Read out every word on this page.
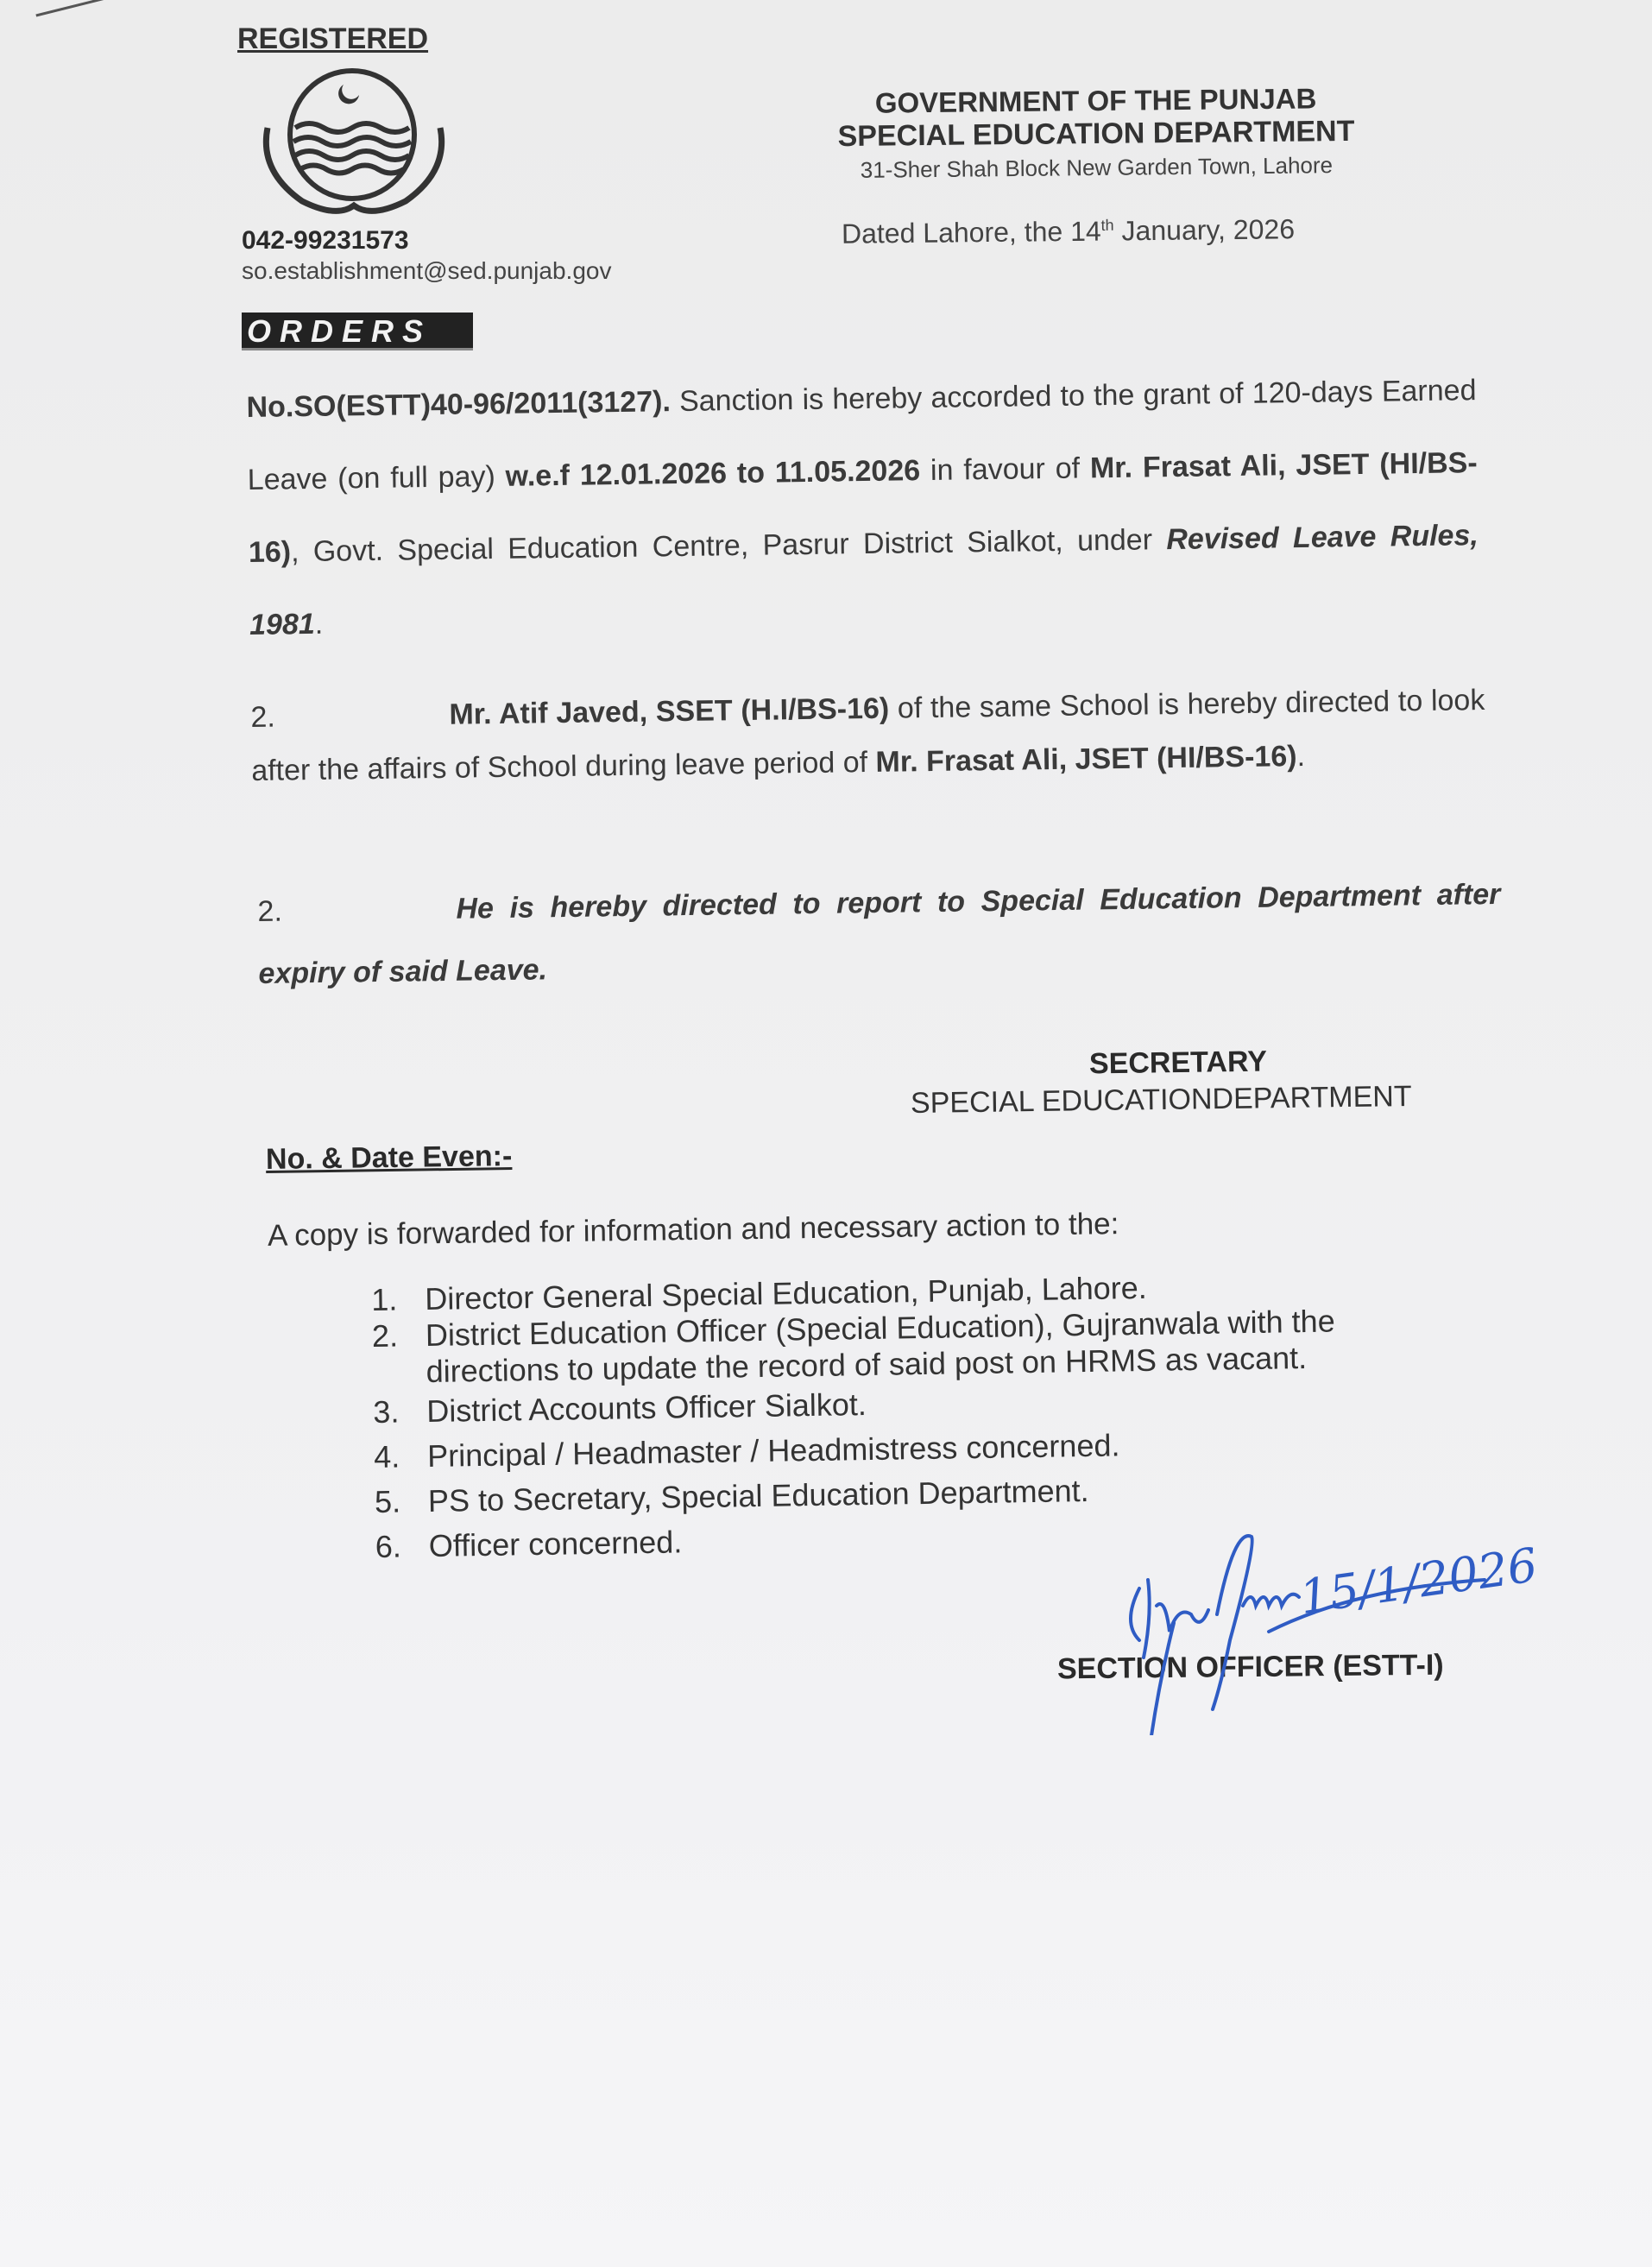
REGISTERED
042-99231573
so.establishment@sed.punjab.gov
ORDERS
GOVERNMENT OF THE PUNJAB
SPECIAL EDUCATION DEPARTMENT
31-Sher Shah Block New Garden Town, Lahore
Dated Lahore, the 14th January, 2026

No.SO(ESTT)40-96/2011(3127). Sanction is hereby accorded to the grant of 120-days Earned Leave (on full pay) w.e.f 12.01.2026 to 11.05.2026 in favour of Mr. Frasat Ali, JSET (HI/BS-16), Govt. Special Education Centre, Pasrur District Sialkot, under Revised Leave Rules, 1981.

2.	Mr. Atif Javed, SSET (H.I/BS-16) of the same School is hereby directed to look after the affairs of School during leave period of Mr. Frasat Ali, JSET (HI/BS-16).

2.	He is hereby directed to report to Special Education Department after expiry of said Leave.

SECRETARY
SPECIAL EDUCATIONDEPARTMENT
No. & Date Even:-
A copy is forwarded for information and necessary action to the:
1. Director General Special Education, Punjab, Lahore.
2. District Education Officer (Special Education), Gujranwala with the directions to update the record of said post on HRMS as vacant.
3. District Accounts Officer Sialkot.
4. Principal / Headmaster / Headmistress concerned.
5. PS to Secretary, Special Education Department.
6. Officer concerned.
SECTION OFFICER (ESTT-I)
15/1/2026
